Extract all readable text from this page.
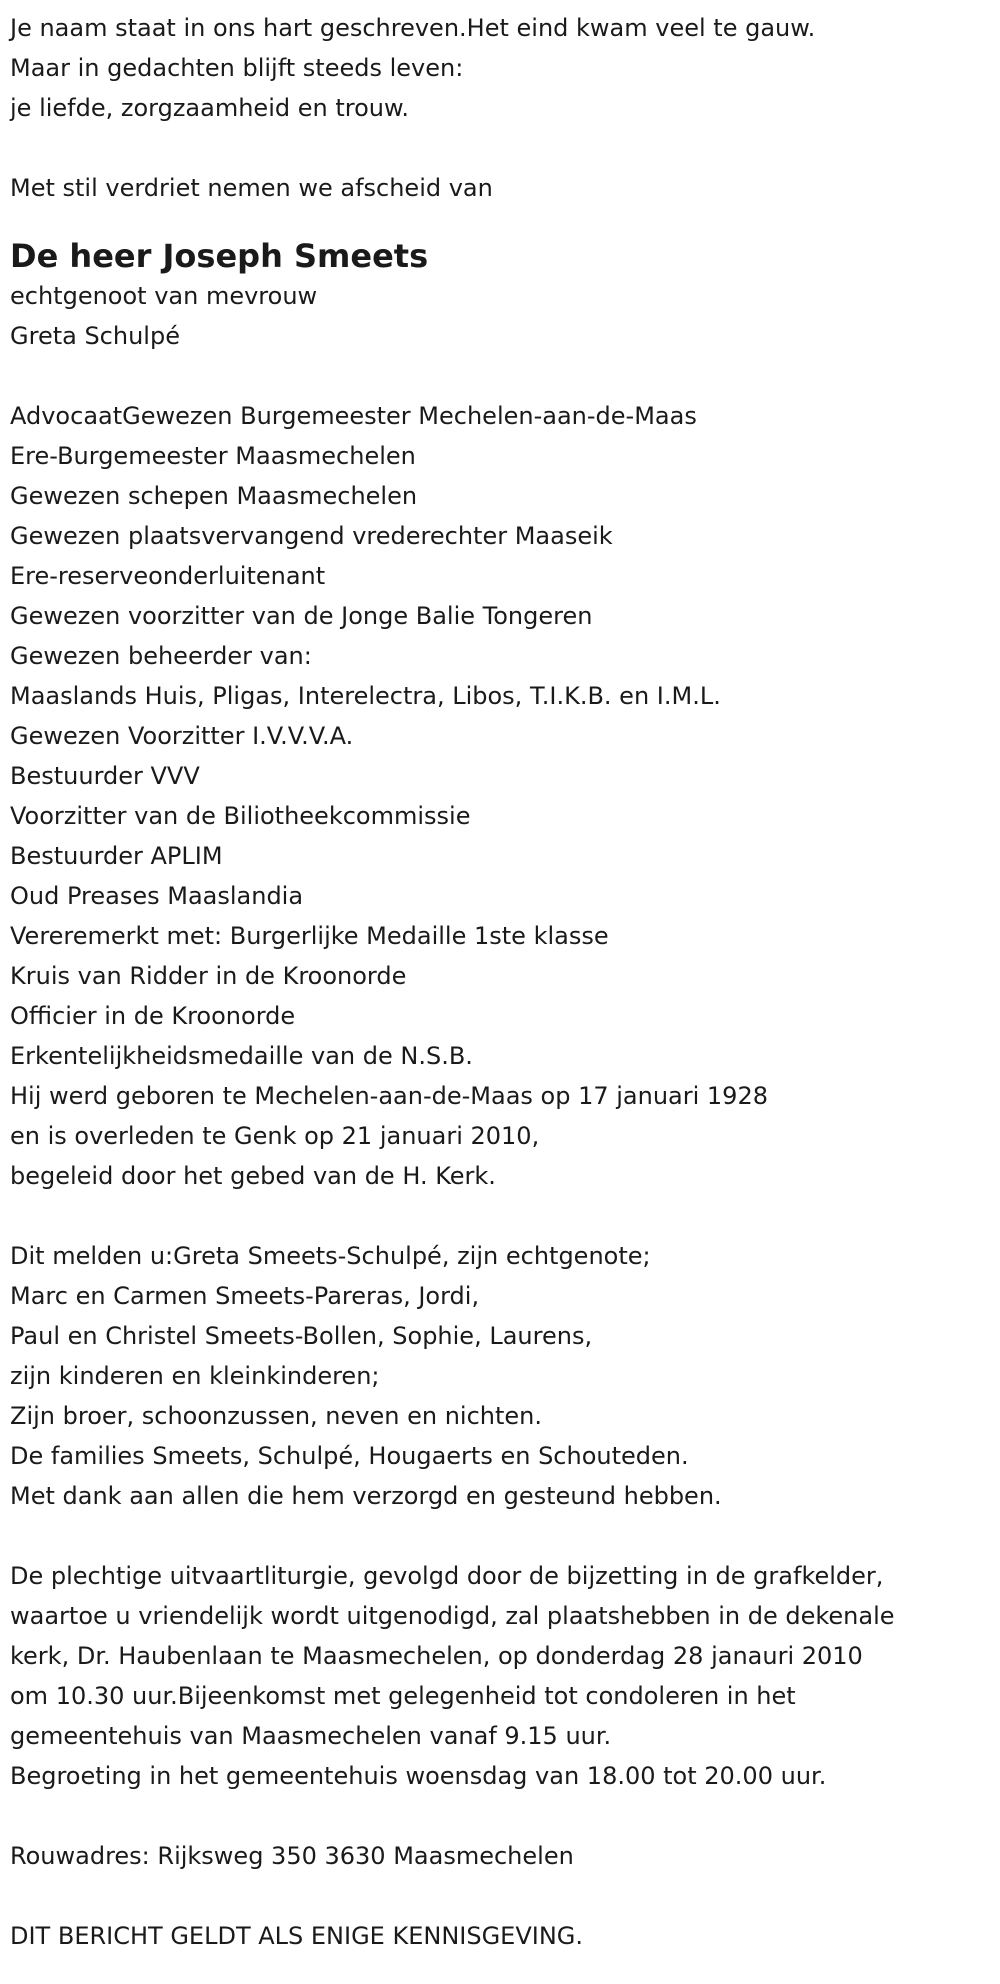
Je naam staat in ons hart geschreven.Het eind kwam veel te gauw.
Maar in gedachten blijft steeds leven:
je liefde, zorgzaamheid en trouw.
Met stil verdriet nemen we afscheid van
De heer Joseph Smeets
echtgenoot van mevrouw
Greta Schulpé
AdvocaatGewezen Burgemeester Mechelen-aan-de-Maas
Ere-Burgemeester Maasmechelen
Gewezen schepen Maasmechelen
Gewezen plaatsvervangend vrederechter Maaseik
Ere-reserveonderluitenant
Gewezen voorzitter van de Jonge Balie Tongeren
Gewezen beheerder van:
Maaslands Huis, Pligas, Interelectra, Libos, T.I.K.B. en I.M.L.
Gewezen Voorzitter I.V.V.V.A.
Bestuurder VVV
Voorzitter van de Biliotheekcommissie
Bestuurder APLIM
Oud Preases Maaslandia
Vereremerkt met: Burgerlijke Medaille 1ste klasse
Kruis van Ridder in de Kroonorde
Officier in de Kroonorde
Erkentelijkheidsmedaille van de N.S.B.
Hij werd geboren te Mechelen-aan-de-Maas op 17 januari 1928
en is overleden te Genk op 21 januari 2010,
begeleid door het gebed van de H. Kerk.
Dit melden u:Greta Smeets-Schulpé, zijn echtgenote;
Marc en Carmen Smeets-Pareras, Jordi,
Paul en Christel Smeets-Bollen, Sophie, Laurens,
zijn kinderen en kleinkinderen;
Zijn broer, schoonzussen, neven en nichten.
De families Smeets, Schulpé, Hougaerts en Schouteden.
Met dank aan allen die hem verzorgd en gesteund hebben.
De plechtige uitvaartliturgie, gevolgd door de bijzetting in de grafkelder,
waartoe u vriendelijk wordt uitgenodigd, zal plaatshebben in de dekenale
kerk, Dr. Haubenlaan te Maasmechelen, op donderdag 28 janauri 2010
om 10.30 uur.Bijeenkomst met gelegenheid tot condoleren in het
gemeentehuis van Maasmechelen vanaf 9.15 uur.
Begroeting in het gemeentehuis woensdag van 18.00 tot 20.00 uur.
Rouwadres: Rijksweg 350 3630 Maasmechelen
DIT BERICHT GELDT ALS ENIGE KENNISGEVING.
